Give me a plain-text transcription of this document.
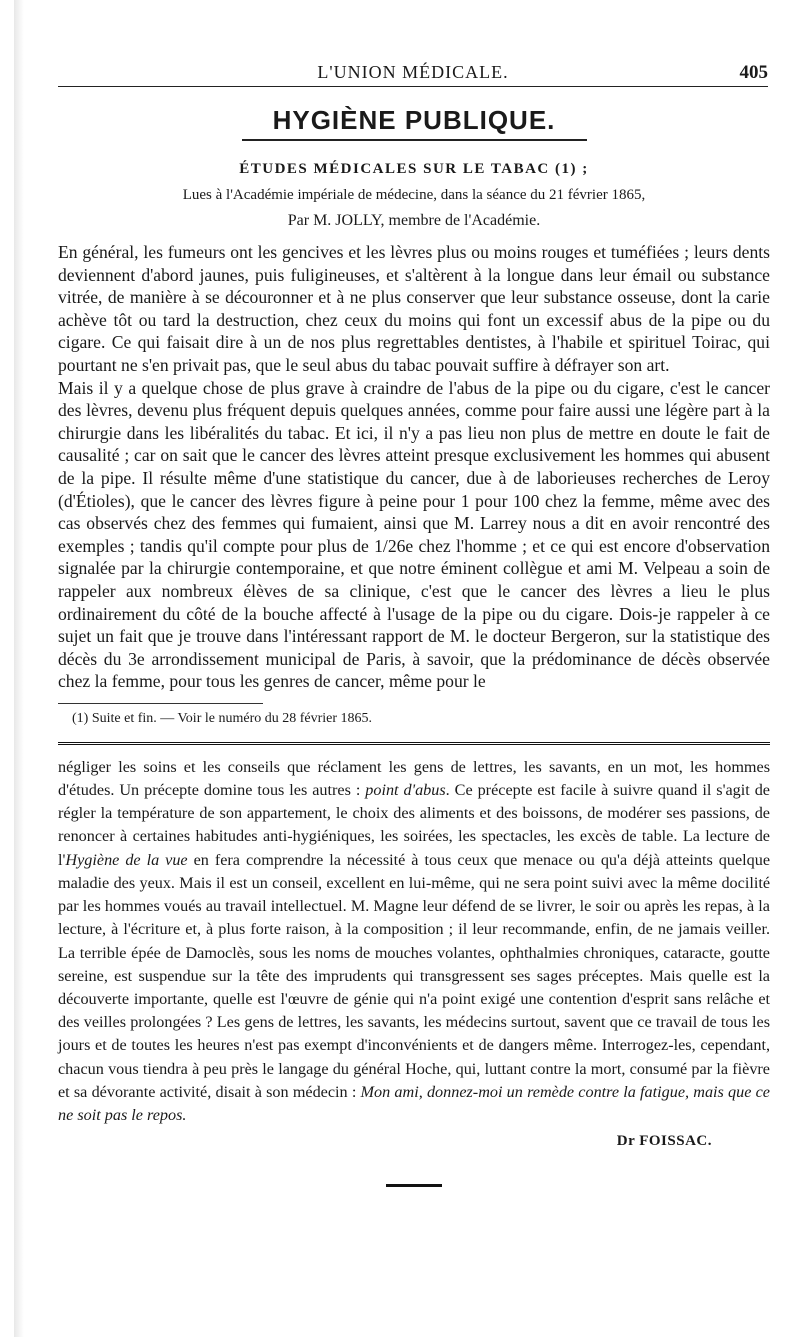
L'UNION MÉDICALE.	405
HYGIÈNE PUBLIQUE.
ÉTUDES MÉDICALES SUR LE TABAC (1) ;
Lues à l'Académie impériale de médecine, dans la séance du 21 février 1865,
Par M. JOLLY, membre de l'Académie.

En général, les fumeurs ont les gencives et les lèvres plus ou moins rouges et tuméfiées ; leurs dents deviennent d'abord jaunes, puis fuligineuses, et s'altèrent à la longue dans leur émail ou substance vitrée, de manière à se découronner et à ne plus conserver que leur substance osseuse, dont la carie achève tôt ou tard la destruction, chez ceux du moins qui font un excessif abus de la pipe ou du cigare. Ce qui faisait dire à un de nos plus regrettables dentistes, à l'habile et spirituel Toirac, qui pourtant ne s'en privait pas, que le seul abus du tabac pouvait suffire à défrayer son art.

Mais il y a quelque chose de plus grave à craindre de l'abus de la pipe ou du cigare, c'est le cancer des lèvres, devenu plus fréquent depuis quelques années, comme pour faire aussi une légère part à la chirurgie dans les libéralités du tabac. Et ici, il n'y a pas lieu non plus de mettre en doute le fait de causalité ; car on sait que le cancer des lèvres atteint presque exclusivement les hommes qui abusent de la pipe. Il résulte même d'une statistique du cancer, due à de laborieuses recherches de Leroy (d'Étioles), que le cancer des lèvres figure à peine pour 1 pour 100 chez la femme, même avec des cas observés chez des femmes qui fumaient, ainsi que M. Larrey nous a dit en avoir rencontré des exemples ; tandis qu'il compte pour plus de 1/26e chez l'homme ; et ce qui est encore d'observation signalée par la chirurgie contemporaine, et que notre éminent collègue et ami M. Velpeau a soin de rappeler aux nombreux élèves de sa clinique, c'est que le cancer des lèvres a lieu le plus ordinairement du côté de la bouche affecté à l'usage de la pipe ou du cigare. Dois-je rappeler à ce sujet un fait que je trouve dans l'intéressant rapport de M. le docteur Bergeron, sur la statistique des décès du 3e arrondissement municipal de Paris, à savoir, que la prédominance de décès observée chez la femme, pour tous les genres de cancer, même pour le

(1) Suite et fin. — Voir le numéro du 28 février 1865.

négliger les soins et les conseils que réclament les gens de lettres, les savants, en un mot, les hommes d'études. Un précepte domine tous les autres : point d'abus. Ce précepte est facile à suivre quand il s'agit de régler la température de son appartement, le choix des aliments et des boissons, de modérer ses passions, de renoncer à certaines habitudes anti-hygiéniques, les soirées, les spectacles, les excès de table. La lecture de l'Hygiène de la vue en fera comprendre la nécessité à tous ceux que menace ou qu'a déjà atteints quelque maladie des yeux. Mais il est un conseil, excellent en lui-même, qui ne sera point suivi avec la même docilité par les hommes voués au travail intellectuel. M. Magne leur défend de se livrer, le soir ou après les repas, à la lecture, à l'écriture et, à plus forte raison, à la composition ; il leur recommande, enfin, de ne jamais veiller. La terrible épée de Damoclès, sous les noms de mouches volantes, ophthalmies chroniques, cataracte, goutte sereine, est suspendue sur la tête des imprudents qui transgressent ses sages préceptes. Mais quelle est la découverte importante, quelle est l'œuvre de génie qui n'a point exigé une contention d'esprit sans relâche et des veilles prolongées ? Les gens de lettres, les savants, les médecins surtout, savent que ce travail de tous les jours et de toutes les heures n'est pas exempt d'inconvénients et de dangers même. Interrogez-les, cependant, chacun vous tiendra à peu près le langage du général Hoche, qui, luttant contre la mort, consumé par la fièvre et sa dévorante activité, disait à son médecin : Mon ami, donnez-moi un remède contre la fatigue, mais que ce ne soit pas le repos.

Dr FOISSAC.
